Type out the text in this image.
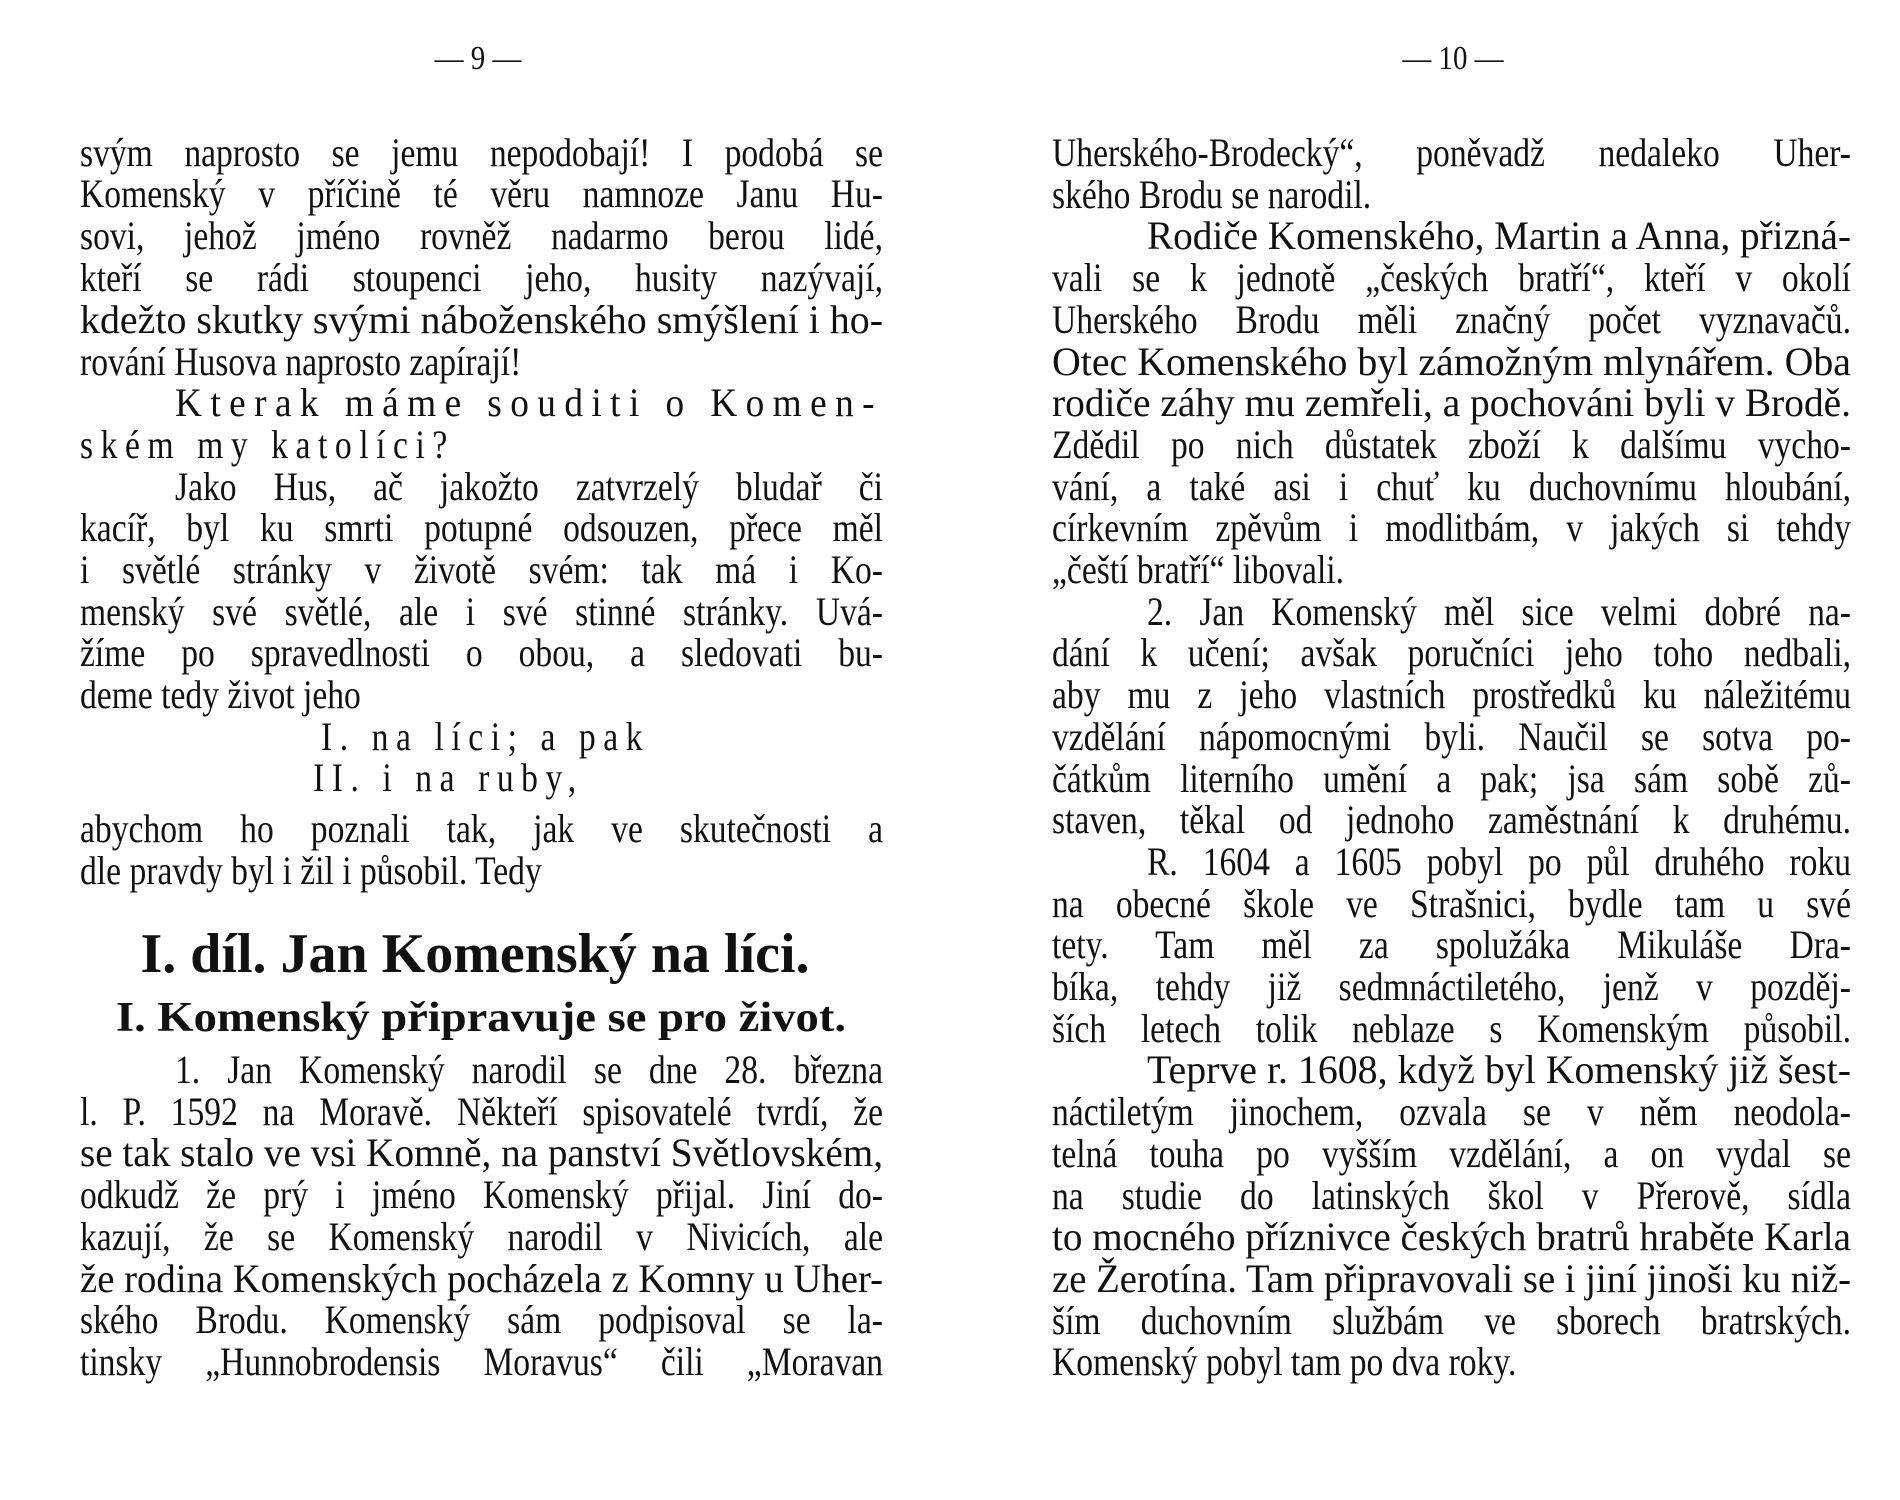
— 9 —
I. díl. Jan Komenský na líci.
I. Komenský připravuje se pro život.
svým naprosto se jemu nepodobají! I podobá se
Komenský v příčině té věru namnoze Janu Hu-
sovi, jehož jméno rovněž nadarmo berou lidé,
kteří se rádi stoupenci jeho, husity nazývají,
kdežto skutky svými náboženského smýšlení i ho-
rování Husova naprosto zapírají!
Kterak máme souditi o Komen-
ském my katolíci?
Jako Hus, ač jakožto zatvrzelý bludař či
kacíř, byl ku smrti potupné odsouzen, přece měl
i světlé stránky v životě svém: tak má i Ko-
menský své světlé, ale i své stinné stránky. Uvá-
žíme po spravedlnosti o obou, a sledovati bu-
deme tedy život jeho
I. na líci; a pak
II. i na ruby,
abychom ho poznali tak, jak ve skutečnosti a
dle pravdy byl i žil i působil. Tedy
1. Jan Komenský narodil se dne 28. března
l. P. 1592 na Moravě. Někteří spisovatelé tvrdí, že
se tak stalo ve vsi Komně, na panství Světlovském,
odkudž že prý i jméno Komenský přijal. Jiní do-
kazují, že se Komenský narodil v Nivicích, ale
že rodina Komenských pocházela z Komny u Uher-
ského Brodu. Komenský sám podpisoval se la-
tinsky „Hunnobrodensis Moravus“ čili „Moravan
— 10 —
Uherského-Brodecký“, poněvadž nedaleko Uher-
ského Brodu se narodil.
Rodiče Komenského, Martin a Anna, přizná-
vali se k jednotě „českých bratří“, kteří v okolí
Uherského Brodu měli značný počet vyznavačů.
Otec Komenského byl zámožným mlynářem. Oba
rodiče záhy mu zemřeli, a pochováni byli v Brodě.
Zdědil po nich důstatek zboží k dalšímu vycho-
vání, a také asi i chuť ku duchovnímu hloubání,
církevním zpěvům i modlitbám, v jakých si tehdy
„čeští bratří“ libovali.
2. Jan Komenský měl sice velmi dobré na-
dání k učení; avšak poručníci jeho toho nedbali,
aby mu z jeho vlastních prostředků ku náležitému
vzdělání nápomocnými byli. Naučil se sotva po-
čátkům literního umění a pak; jsa sám sobě zů-
staven, těkal od jednoho zaměstnání k druhému.
R. 1604 a 1605 pobyl po půl druhého roku
na obecné škole ve Strašnici, bydle tam u své
tety. Tam měl za spolužáka Mikuláše Dra-
bíka, tehdy již sedmnáctiletého, jenž v pozděj-
ších letech tolik neblaze s Komenským působil.
Teprve r. 1608, když byl Komenský již šest-
náctiletým jinochem, ozvala se v něm neodola-
telná touha po vyšším vzdělání, a on vydal se
na studie do latinských škol v Přerově, sídla
to mocného příznivce českých bratrů hraběte Karla
ze Žerotína. Tam připravovali se i jiní jinoši ku niž-
ším duchovním službám ve sborech bratrských.
Komenský pobyl tam po dva roky.
